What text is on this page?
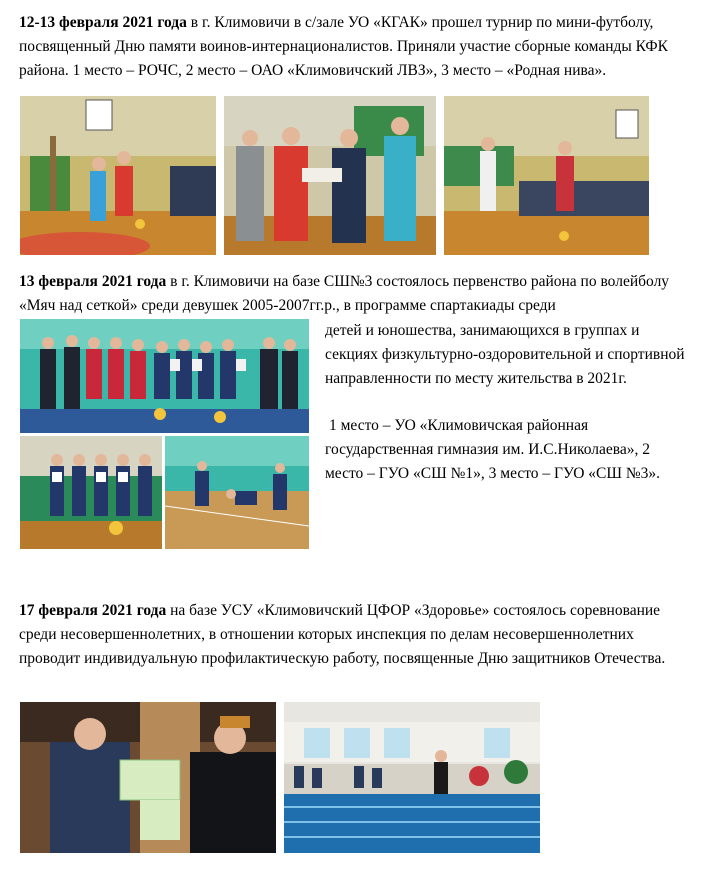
12-13 февраля 2021 года в г. Климовичи в с/зале УО «КГАК» прошел турнир по мини-футболу, посвященный Дню памяти воинов-интернационалистов. Приняли участие сборные команды КФК района. 1 место – РОЧС, 2 место – ОАО «Климовичский ЛВЗ», 3 место – «Родная нива».

13 февраля 2021 года в г. Климовичи на базе СШ№3 состоялось первенство района по волейболу «Мяч над сеткой» среди девушек 2005-2007гг.р., в программе спартакиады среди

детей и юношества, занимающихся в группах и секциях физкультурно-оздоровительной и спортивной направленности по месту жительства в 2021г.

1 место – УО «Климовичская районная государственная гимназия им. И.С.Николаева», 2 место – ГУО «СШ №1», 3 место – ГУО «СШ №3».

17 февраля 2021 года на базе УСУ «Климовичский ЦФОР «Здоровье» состоялось соревнование среди несовершеннолетних, в отношении которых инспекция по делам несовершеннолетних проводит индивидуальную профилактическую работу, посвященные Дню защитников Отечества.
